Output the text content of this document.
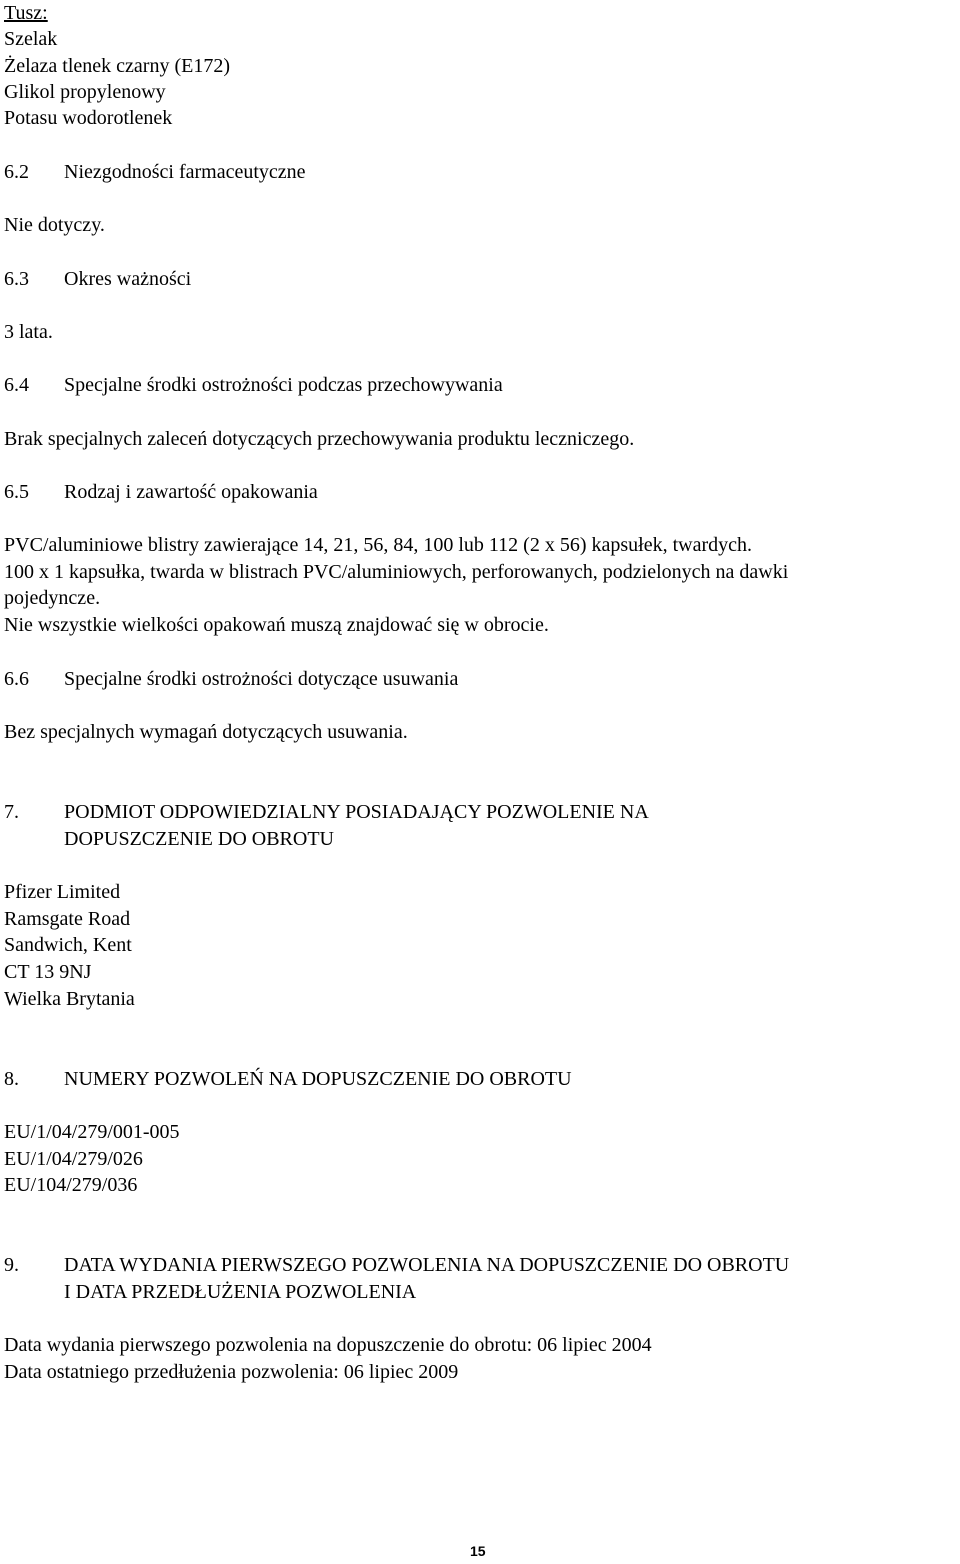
Tusz:

Szelak

Żelaza tlenek czarny (E172)

Glikol propylenowy

Potasu wodorotlenek

6.2 Niezgodności farmaceutyczne

Nie dotyczy.

6.3 Okres ważności

3 lata.

6.4 Specjalne środki ostrożności podczas przechowywania

Brak specjalnych zaleceń dotyczących przechowywania produktu leczniczego.

6.5 Rodzaj i zawartość opakowania

PVC/aluminiowe blistry zawierające 14, 21, 56, 84, 100 lub 112 (2 x 56) kapsułek, twardych.

100 x 1 kapsułka, twarda w blistrach PVC/aluminiowych, perforowanych, podzielonych na dawki

pojedyncze.

Nie wszystkie wielkości opakowań muszą znajdować się w obrocie.

6.6 Specjalne środki ostrożności dotyczące usuwania

Bez specjalnych wymagań dotyczących usuwania.

7. PODMIOT ODPOWIEDZIALNY POSIADAJĄCY POZWOLENIE NA

DOPUSZCZENIE DO OBROTU

Pfizer Limited

Ramsgate Road

Sandwich, Kent

CT 13 9NJ

Wielka Brytania

8. NUMERY POZWOLEŃ NA DOPUSZCZENIE DO OBROTU

EU/1/04/279/001-005

EU/1/04/279/026

EU/104/279/036

9. DATA WYDANIA PIERWSZEGO POZWOLENIA NA DOPUSZCZENIE DO OBROTU

I DATA PRZEDŁUŻENIA POZWOLENIA

Data wydania pierwszego pozwolenia na dopuszczenie do obrotu: 06 lipiec 2004

Data ostatniego przedłużenia pozwolenia: 06 lipiec 2009

15
